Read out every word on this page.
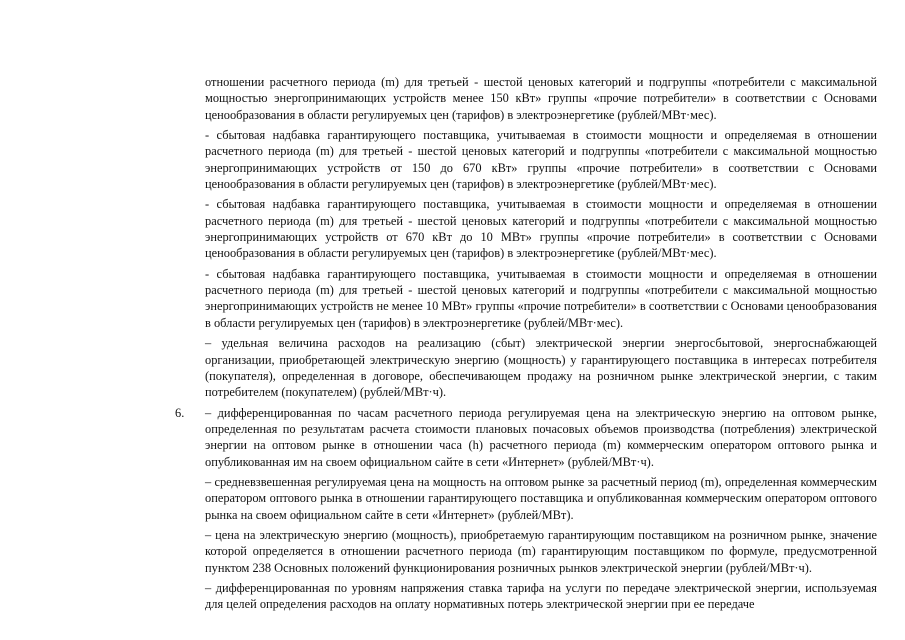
отношении расчетного периода (m) для третьей - шестой ценовых категорий и подгруппы «потребители с максимальной мощностью энергопринимающих устройств менее 150 кВт» группы «прочие потребители» в соответствии с Основами ценообразования в области регулируемых цен (тарифов) в электроэнергетике (рублей/МВт·мес).

- сбытовая надбавка гарантирующего поставщика, учитываемая в стоимости мощности и определяемая в отношении расчетного периода (m) для третьей - шестой ценовых категорий и подгруппы «потребители с максимальной мощностью энергопринимающих устройств от 150 до 670 кВт» группы «прочие потребители» в соответствии с Основами ценообразования в области регулируемых цен (тарифов) в электроэнергетике (рублей/МВт·мес).

- сбытовая надбавка гарантирующего поставщика, учитываемая в стоимости мощности и определяемая в отношении расчетного периода (m) для третьей - шестой ценовых категорий и подгруппы «потребители с максимальной мощностью энергопринимающих устройств от 670 кВт до 10 МВт» группы «прочие потребители» в соответствии с Основами ценообразования в области регулируемых цен (тарифов) в электроэнергетике (рублей/МВт·мес).

- сбытовая надбавка гарантирующего поставщика, учитываемая в стоимости мощности и определяемая в отношении расчетного периода (m) для третьей - шестой ценовых категорий и подгруппы «потребители с максимальной мощностью энергопринимающих устройств не менее 10 МВт» группы «прочие потребители» в соответствии с Основами ценообразования в области регулируемых цен (тарифов) в электроэнергетике (рублей/МВт·мес).

– удельная величина расходов на реализацию (сбыт) электрической энергии энергосбытовой, энергоснабжающей организации, приобретающей электрическую энергию (мощность) у гарантирующего поставщика в интересах потребителя (покупателя), определенная в договоре, обеспечивающем продажу на розничном рынке электрической энергии, с таким потребителем (покупателем) (рублей/МВт·ч).

6. – дифференцированная по часам расчетного периода регулируемая цена на электрическую энергию на оптовом рынке, определенная по результатам расчета стоимости плановых почасовых объемов производства (потребления) электрической энергии на оптовом рынке в отношении часа (h) расчетного периода (m) коммерческим оператором оптового рынка и опубликованная им на своем официальном сайте в сети «Интернет» (рублей/МВт·ч).

– средневзвешенная регулируемая цена на мощность на оптовом рынке за расчетный период (m), определенная коммерческим оператором оптового рынка в отношении гарантирующего поставщика и опубликованная коммерческим оператором оптового рынка на своем официальном сайте в сети «Интернет» (рублей/МВт).

– цена на электрическую энергию (мощность), приобретаемую гарантирующим поставщиком на розничном рынке, значение которой определяется в отношении расчетного периода (m) гарантирующим поставщиком по формуле, предусмотренной пунктом 238 Основных положений функционирования розничных рынков электрической энергии (рублей/МВт·ч).

– дифференцированная по уровням напряжения ставка тарифа на услуги по передаче электрической энергии, используемая для целей определения расходов на оплату нормативных потерь электрической энергии при ее передаче
